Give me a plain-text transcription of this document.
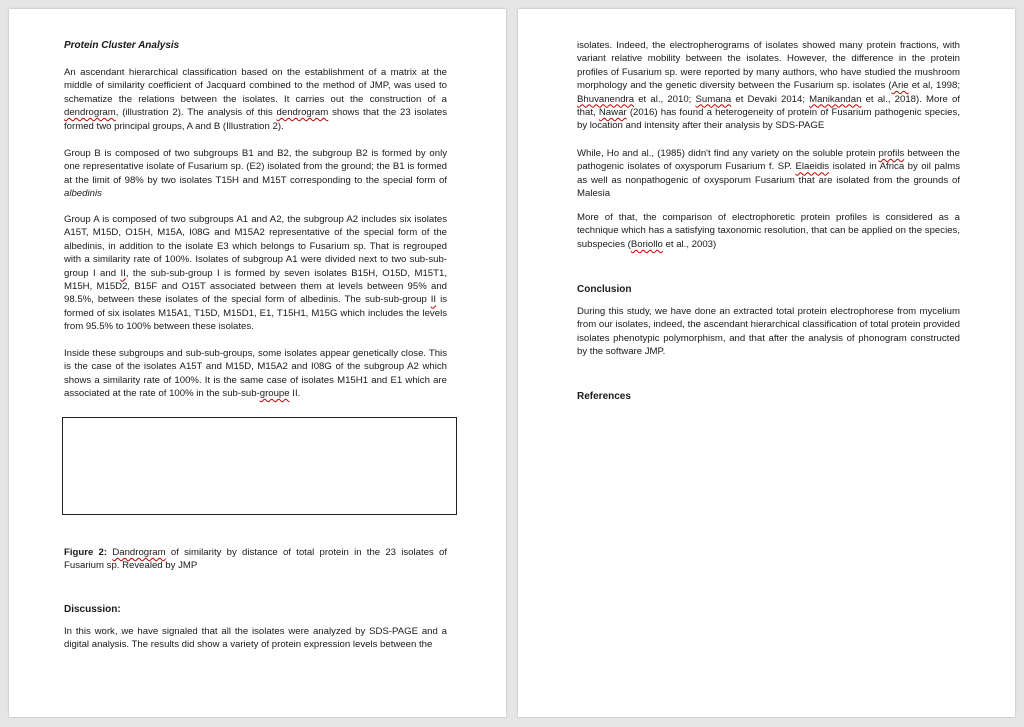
Protein Cluster Analysis

An ascendant hierarchical classification based on the establishment of a matrix at the middle of similarity coefficient of Jacquard combined to the method of JMP, was used to schematize the relations between the isolates. It carries out the construction of a dendrogram, (illustration 2). The analysis of this dendrogram shows that the 23 isolates formed two principal groups, A and B (Illustration 2).

Group B is composed of two subgroups B1 and B2, the subgroup B2 is formed by only one representative isolate of Fusarium sp. (E2) isolated from the ground; the B1 is formed at the limit of 98% by two isolates T15H and M15T corresponding to the special form of albedinis

Group A is composed of two subgroups A1 and A2, the subgroup A2 includes six isolates A15T, M15D, O15H, M15A, I08G and M15A2 representative of the special form of the albedinis, in addition to the isolate E3 which belongs to Fusarium sp. That is regrouped with a similarity rate of 100%. Isolates of subgroup A1 were divided next to two sub-sub-group I and II, the sub-sub-group I is formed by seven isolates B15H, O15D, M15T1, M15H, M15D2, B15F and O15T associated between them at levels between 95% and 98.5%, between these isolates of the special form of albedinis. The sub-sub-group II is formed of six isolates M15A1, T15D, M15D1, E1, T15H1, M15G which includes the levels from 95.5% to 100% between these isolates.

Inside these subgroups and sub-sub-groups, some isolates appear genetically close. This is the case of the isolates A15T and M15D, M15A2 and I08G of the subgroup A2 which shows a similarity rate of 100%. It is the same case of isolates M15H1 and E1 which are associated at the rate of 100% in the sub-sub-groupe II.

Figure 2: Dandrogram of similarity by distance of total protein in the 23 isolates of Fusarium sp. Revealed by JMP

Discussion:

In this work, we have signaled that all the isolates were analyzed by SDS-PAGE and a digital analysis. The results did show a variety of protein expression levels between the

isolates. Indeed, the electropherograms of isolates showed many protein fractions, with variant relative mobility between the isolates. However, the difference in the protein profiles of Fusarium sp. were reported by many authors, who have studied the mushroom morphology and the genetic diversity between the Fusarium sp. isolates (Arie et al, 1998; Bhuvanendra et al., 2010; Sumana et Devaki 2014; Manikandan et al., 2018). More of that, Nawar (2016) has found a heterogeneity of protein of Fusarium pathogenic species, by location and intensity after their analysis by SDS-PAGE

While, Ho and al., (1985) didn't find any variety on the soluble protein profils between the pathogenic isolates of oxysporum Fusarium f. SP. Elaeidis isolated in Africa by oil palms as well as nonpathogenic of oxysporum Fusarium that are isolated from the grounds of Malesia

More of that, the comparison of electrophoretic protein profiles is considered as a technique which has a satisfying taxonomic resolution, that can be applied on the species, subspecies (Boriollo et al., 2003)

Conclusion

During this study, we have done an extracted total protein electrophorese from mycelium from our isolates, indeed, the ascendant hierarchical classification of total protein provided isolates phenotypic polymorphism, and that after the analysis of phonogram constructed by the software JMP.

References
